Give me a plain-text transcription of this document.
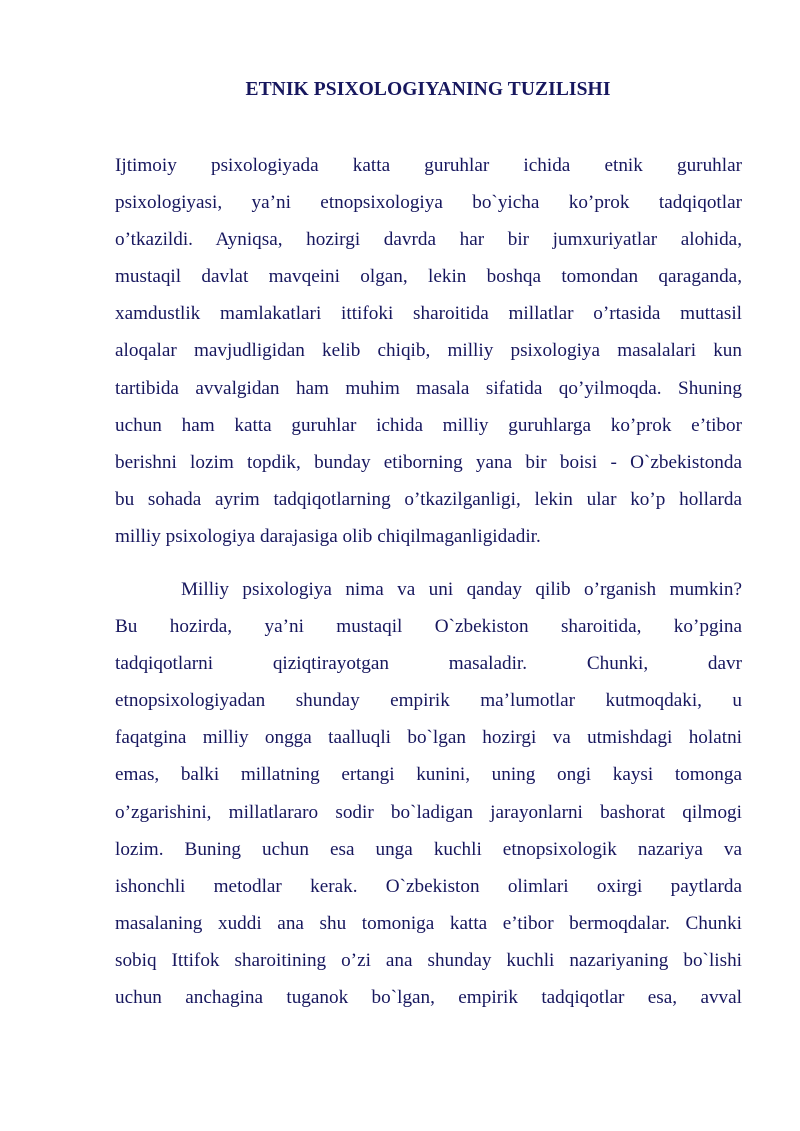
ETNIK PSIXOLOGIYANING TUZILISHI
Ijtimoiy psixologiyada katta guruhlar ichida etnik guruhlar
psixologiyasi, ya’ni etnopsixologiya bo`yicha ko’prok tadqiqotlar
o’tkazildi. Ayniqsa, hozirgi davrda har bir jumxuriyatlar alohida,
mustaqil davlat mavqeini olgan, lekin boshqa tomondan qaraganda,
xamdustlik mamlakatlari ittifoki sharoitida millatlar o’rtasida muttasil
aloqalar mavjudligidan kelib chiqib, milliy psixologiya masalalari kun
tartibida avvalgidan ham muhim masala sifatida qo’yilmoqda. Shuning
uchun ham katta guruhlar ichida milliy guruhlarga ko’prok e’tibor
berishni lozim topdik, bunday etiborning yana bir boisi - O`zbekistonda
bu sohada ayrim tadqiqotlarning o’tkazilganligi, lekin ular ko’p hollarda
milliy psixologiya darajasiga olib chiqilmaganligidadir.
Milliy psixologiya nima va uni qanday qilib o’rganish mumkin?
Bu hozirda, ya’ni mustaqil O`zbekiston sharoitida, ko’pgina
tadqiqotlarni qiziqtirayotgan masaladir. Chunki, davr
etnopsixologiyadan shunday empirik ma’lumotlar kutmoqdaki, u
faqatgina milliy ongga taalluqli bo`lgan hozirgi va utmishdagi holatni
emas, balki millatning ertangi kunini, uning ongi kaysi tomonga
o’zgarishini, millatlararo sodir bo`ladigan jarayonlarni bashorat qilmogi
lozim. Buning uchun esa unga kuchli etnopsixologik nazariya va
ishonchli metodlar kerak. O`zbekiston olimlari oxirgi paytlarda
masalaning xuddi ana shu tomoniga katta e’tibor bermoqdalar. Chunki
sobiq Ittifok sharoitining o’zi ana shunday kuchli nazariyaning bo`lishi
uchun anchagina tuganok bo`lgan, empirik tadqiqotlar esa, avval
